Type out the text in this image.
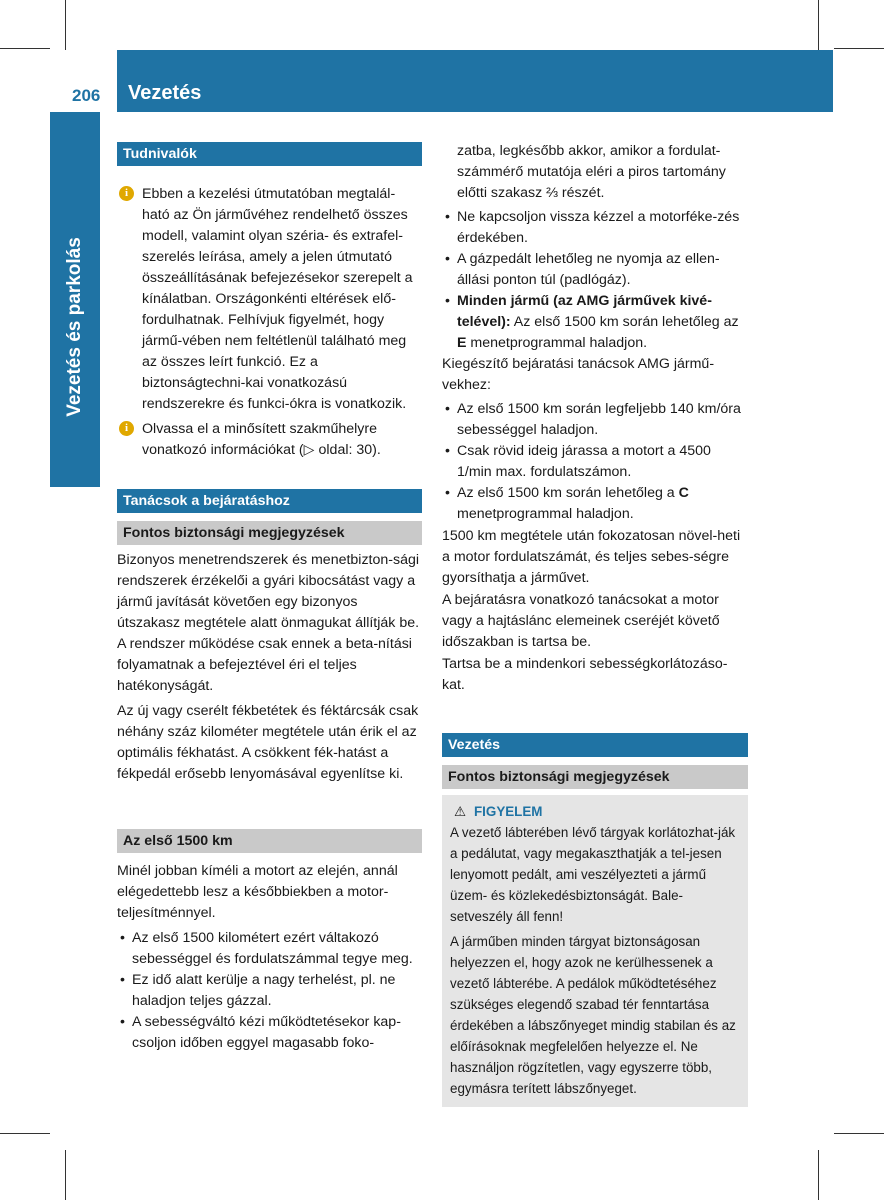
206 Vezetés
Vezetés és parkolás
Tudnivalók
i Ebben a kezelési útmutatóban megtalál-ható az Ön járművéhez rendelhető összes modell, valamint olyan széria- és extrafel-szerelés leírása, amely a jelen útmutató összeállításának befejezésekor szerepelt a kínálatban. Országonkénti eltérések elő-fordulhatnak. Felhívjuk figyelmét, hogy jármű-vében nem feltétlenül található meg az összes leírt funkció. Ez a biztonságtechni-kai vonatkozású rendszerekre és funkci-ókra is vonatkozik.

i Olvassa el a minősített szakműhelyre vonatkozó információkat (▷ oldal: 30).

Tanácsok a bejáratáshoz
Fontos biztonsági megjegyzések

Bizonyos menetrendszerek és menetbizton-sági rendszerek érzékelői a gyári kibocsátást vagy a jármű javítását követően egy bizonyos útszakasz megtétele alatt önmagukat állítják be. A rendszer működése csak ennek a beta-nítási folyamatnak a befejeztével éri el teljes hatékonyságát.

Az új vagy cserélt fékbetétek és féktárcsák csak néhány száz kilométer megtétele után érik el az optimális fékhatást. A csökkent fék-hatást a fékpedál erősebb lenyomásával egyenlítse ki.

Az első 1500 km

Minél jobban kíméli a motort az elején, annál elégedettebb lesz a későbbiekben a motor-teljesítménnyel.

• Az első 1500 kilométert ezért váltakozó sebességgel és fordulatszámmal tegye meg.
• Ez idő alatt kerülje a nagy terhelést, pl. ne haladjon teljes gázzal.
• A sebességváltó kézi működtetésekor kap-csoljon időben eggyel magasabb foko-

zatba, legkésőbb akkor, amikor a fordulat-számmérő mutatója eléri a piros tartomány előtti szakasz ⅔ részét.

• Ne kapcsoljon vissza kézzel a motorféke-zés érdekében.
• A gázpedált lehetőleg ne nyomja az ellen-állási ponton túl (padlógáz).
• Minden jármű (az AMG járművek kivé-telével): Az első 1500 km során lehetőleg az E menetprogrammal haladjon.

Kiegészítő bejáratási tanácsok AMG jármű-vekhez:

• Az első 1500 km során legfeljebb 140 km/óra sebességgel haladjon.
• Csak rövid ideig járassa a motort a 4500 1/min max. fordulatszámon.
• Az első 1500 km során lehetőleg a C menetprogrammal haladjon.

1500 km megtétele után fokozatosan növel-heti a motor fordulatszámát, és teljes sebes-ségre gyorsíthatja a járművet.

A bejáratásra vonatkozó tanácsokat a motor vagy a hajtáslánc elemeinek cseréjét követő időszakban is tartsa be.

Tartsa be a mindenkori sebességkorlátozáso-kat.

Vezetés
Fontos biztonsági megjegyzések
⚠ FIGYELEM

A vezető lábterében lévő tárgyak korlátozhat-ják a pedálutat, vagy megakaszthatják a tel-jesen lenyomott pedált, ami veszélyezteti a jármű üzem- és közlekedésbiztonságát. Bale-setveszély áll fenn!

A járműben minden tárgyat biztonságosan helyezzen el, hogy azok ne kerülhessenek a vezető lábterébe. A pedálok működtetéséhez szükséges elegendő szabad tér fenntartása érdekében a lábszőnyeget mindig stabilan és az előírásoknak megfelelően helyezze el. Ne használjon rögzítetlen, vagy egyszerre több, egymásra terített lábszőnyeget.
